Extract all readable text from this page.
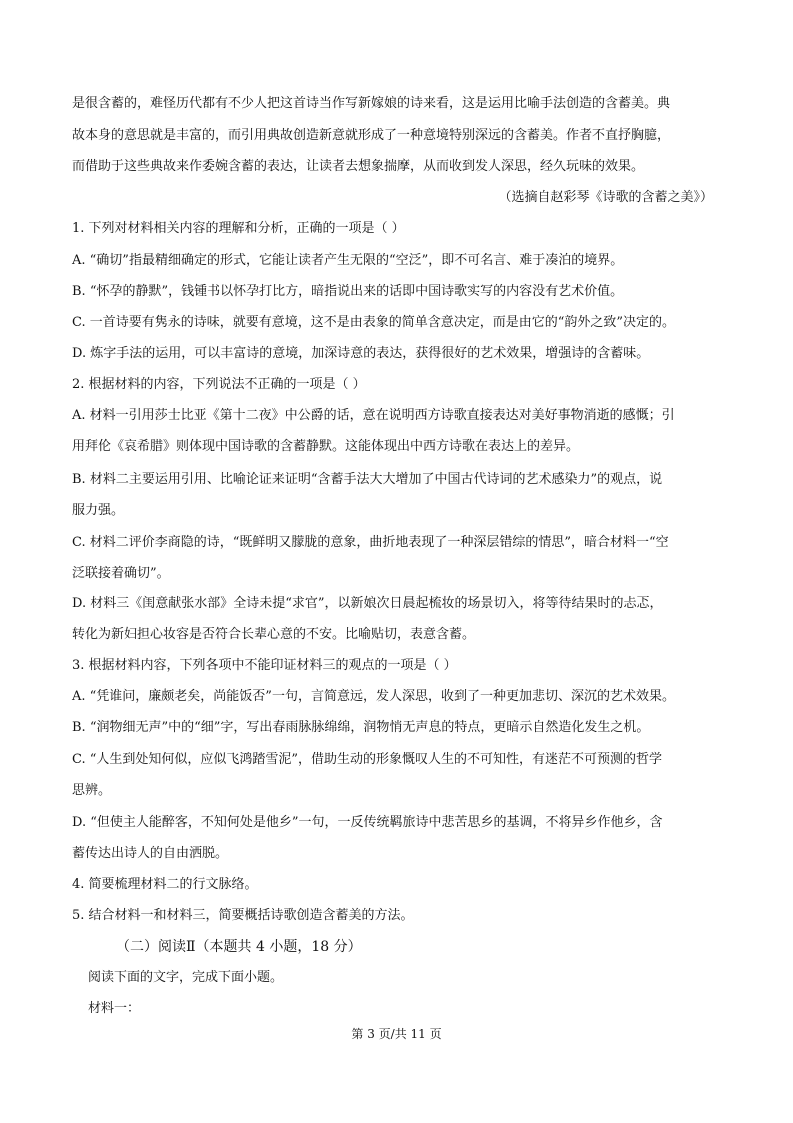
是很含蓄的，难怪历代都有不少人把这首诗当作写新嫁娘的诗来看，这是运用比喻手法创造的含蓄美。典

故本身的意思就是丰富的，而引用典故创造新意就形成了一种意境特别深远的含蓄美。作者不直抒胸臆，

而借助于这些典故来作委婉含蓄的表达，让读者去想象揣摩，从而收到发人深思，经久玩味的效果。

（选摘自赵彩琴《诗歌的含蓄之美》）

1. 下列对材料相关内容的理解和分析，正确的一项是（ ）

A. “确切”指最精细确定的形式，它能让读者产生无限的“空泛”，即不可名言、难于凑泊的境界。

B. “怀孕的静默”，钱锺书以怀孕打比方，暗指说出来的话即中国诗歌实写的内容没有艺术价值。

C. 一首诗要有隽永的诗味，就要有意境，这不是由表象的简单含意决定，而是由它的“韵外之致”决定的。

D. 炼字手法的运用，可以丰富诗的意境，加深诗意的表达，获得很好的艺术效果，增强诗的含蓄味。

2. 根据材料的内容，下列说法不正确的一项是（ ）

A. 材料一引用莎士比亚《第十二夜》中公爵的话，意在说明西方诗歌直接表达对美好事物消逝的感慨；引

用拜伦《哀希腊》则体现中国诗歌的含蓄静默。这能体现出中西方诗歌在表达上的差异。

B. 材料二主要运用引用、比喻论证来证明“含蓄手法大大增加了中国古代诗词的艺术感染力”的观点，说

服力强。

C. 材料二评价李商隐的诗，“既鲜明又朦胧的意象，曲折地表现了一种深层错综的情思”，暗合材料一“空

泛联接着确切”。

D. 材料三《闺意献张水部》全诗未提“求官”，以新娘次日晨起梳妆的场景切入，将等待结果时的忐忑，

转化为新妇担心妆容是否符合长辈心意的不安。比喻贴切，表意含蓄。

3. 根据材料内容，下列各项中不能印证材料三的观点的一项是（ ）

A. “凭谁问，廉颇老矣，尚能饭否”一句，言简意远，发人深思，收到了一种更加悲切、深沉的艺术效果。

B. “润物细无声”中的“细”字，写出春雨脉脉绵绵，润物悄无声息的特点，更暗示自然造化发生之机。

C. “人生到处知何似，应似飞鸿踏雪泥”，借助生动的形象慨叹人生的不可知性，有迷茫不可预测的哲学

思辨。

D. “但使主人能醉客，不知何处是他乡”一句，一反传统羁旅诗中悲苦思乡的基调，不将异乡作他乡，含

蓄传达出诗人的自由洒脱。

4. 简要梳理材料二的行文脉络。

5. 结合材料一和材料三，简要概括诗歌创造含蓄美的方法。

（二）阅读Ⅱ（本题共 4 小题，18 分）

阅读下面的文字，完成下面小题。

材料一：

第 3 页/共 11 页
